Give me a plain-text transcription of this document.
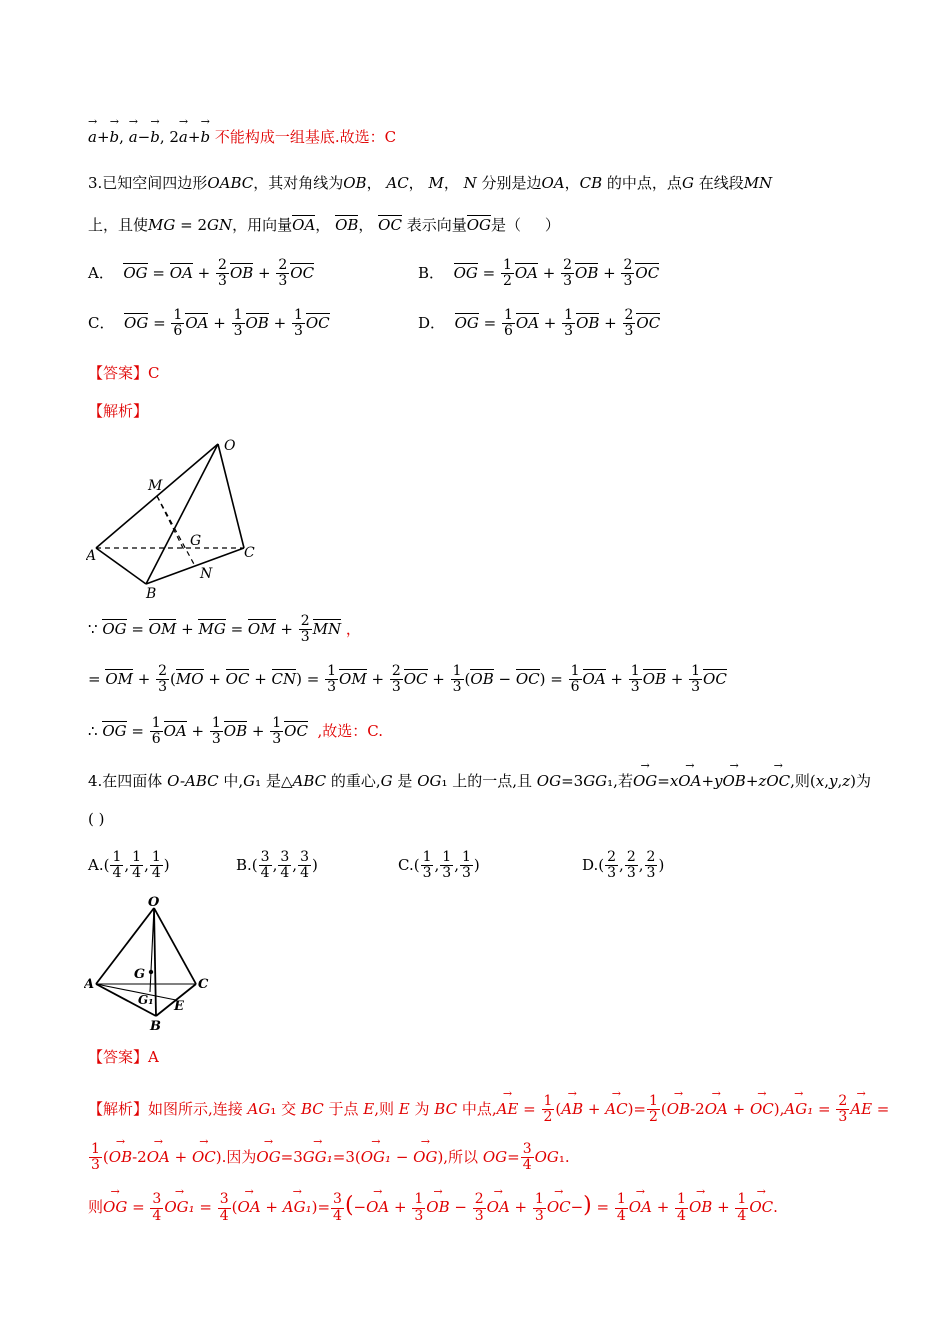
a →+b →, a →−b →, 2a →+b → 不能构成一组基底.故选：C
3.已知空间四边形OABC，其对角线为OB， AC， M， N 分别是边OA，CB 的中点，点G 在线段MN
上，且使MG = 2GN，用向量OA， OB， OC 表示向量OG是（     ）
A．  OG = OA + $\frac{2}{3}$ OB + $\frac{2}{3}$ OC	B．  OG = $\frac{1}{2}$ OA + $\frac{2}{3}$ OB + $\frac{2}{3}$ OC
C．  OG = $\frac{1}{6}$ OA + $\frac{1}{3}$ OB + $\frac{1}{3}$ OC	D．  OG = $\frac{1}{6}$ OA + $\frac{1}{3}$ OB + $\frac{2}{3}$ OC
【答案】C
【解析】
O
M
G
A	C
N
B
∵ OG = OM + MG = OM + $\frac{2}{3}$ MN ，
= OM + $\frac{2}{3} (MO$ + OC + $CN) = \frac{1}{3}$ OM + $\frac{2}{3}$ OC + $\frac{1}{3} (OB - OC) = \frac{1}{6}$ OA + $\frac{1}{3}$ OB + $\frac{1}{3}$ OC
∴ OG = $\frac{1}{6}$ OA + $\frac{1}{3}$ OB + $\frac{1}{3}$ OC ,故选：C.
4.在四面体 O-ABC 中,G₁ 是△ABC 的重心,G 是 OG₁ 上的一点,且 OG=3GG₁,若OG →=xOA →+yOB →+zOC →,则(x,y,z)为
( )
$A.( \frac{1}{4}$ , $\frac{1}{4}$ , $\frac{1}{4}$ )	$B.( \frac{3}{4}$ , $\frac{3}{4}$ , $\frac{3}{4}$ )	$C.( \frac{1}{3}$ , $\frac{1}{3}$ , $\frac{1}{3}$ )	$D.( \frac{2}{3}$ , $\frac{2}{3}$ , $\frac{2}{3}$ )
O
G
A	C
G₁ E
B
【答案】A
【解析】如图所示,连接 AG₁ 交 BC 于点 E,则 E 为 BC 中点,AE → = $\frac{1}{2} (AB$ → + AC →)= $\frac{1}{2} (OB \to-2OA$ → + OC →),AG₁ → = $\frac{2}{3}$ AE → =
$\frac{1}{3} (OB \to-2OA$ → + OC →).因为OG →=3GG₁ →=3(OG₁ → − OG →),所以 $OG= \frac{3}{4} OG_1$.
则OG → = $\frac{3}{4} OG_1$ → = $\frac{3}{4} (OA$ → + AG₁ →)= $\frac{3}{4} (-OA$ → + $\frac{1}{3}$ OB → − $\frac{2}{3}$ OA → + $\frac{1}{3}$ OC →−) = $\frac{1}{4}$ OA → + $\frac{1}{4}$ OB → + $\frac{1}{4}$ OC →.
